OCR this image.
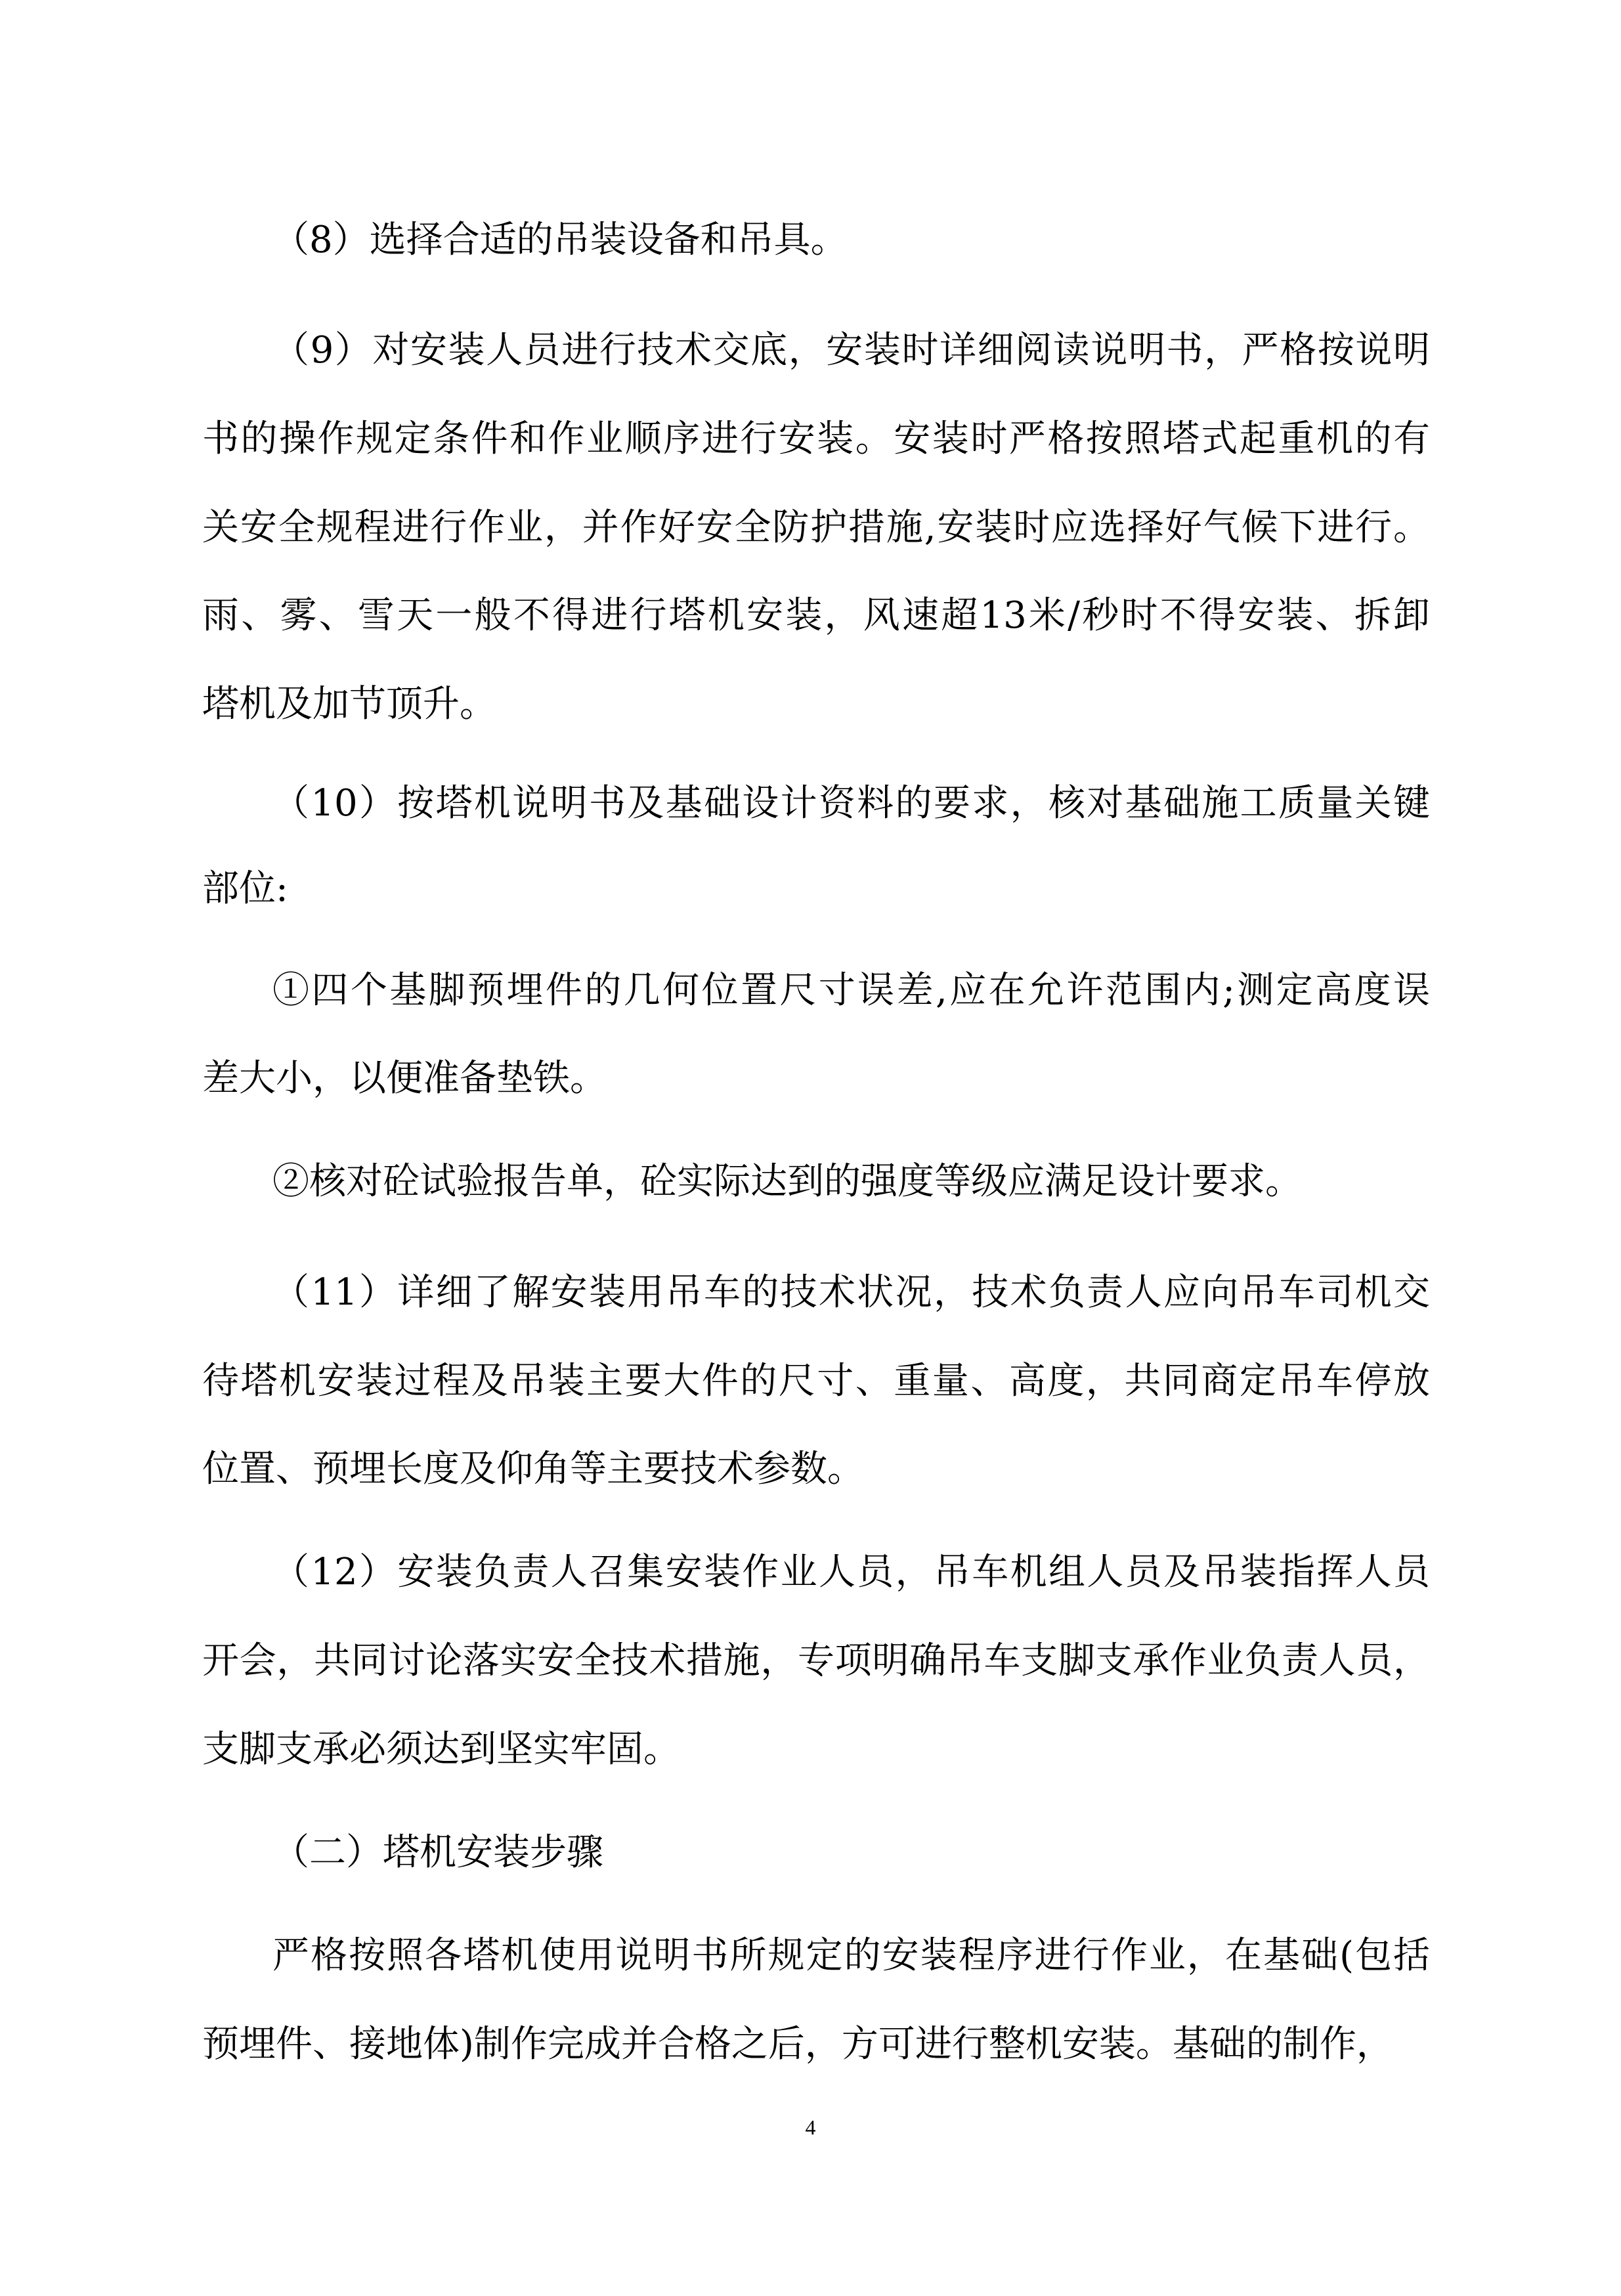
（8）选择合适的吊装设备和吊具。
（9）对安装人员进行技术交底，安装时详细阅读说明书，严格按说明
书的操作规定条件和作业顺序进行安装。安装时严格按照塔式起重机的有
关安全规程进行作业，并作好安全防护措施,安装时应选择好气候下进行。
雨、雾、雪天一般不得进行塔机安装，风速超13米/秒时不得安装、拆卸
塔机及加节顶升。
（10）按塔机说明书及基础设计资料的要求，核对基础施工质量关键
部位:
①四个基脚预埋件的几何位置尺寸误差,应在允许范围内;测定高度误
差大小，以便准备垫铁。
②核对砼试验报告单，砼实际达到的强度等级应满足设计要求。
（11）详细了解安装用吊车的技术状况，技术负责人应向吊车司机交
待塔机安装过程及吊装主要大件的尺寸、重量、高度，共同商定吊车停放
位置、预埋长度及仰角等主要技术参数。
（12）安装负责人召集安装作业人员，吊车机组人员及吊装指挥人员
开会，共同讨论落实安全技术措施，专项明确吊车支脚支承作业负责人员，
支脚支承必须达到坚实牢固。
（二）塔机安装步骤
严格按照各塔机使用说明书所规定的安装程序进行作业，在基础(包括
预埋件、接地体)制作完成并合格之后，方可进行整机安装。基础的制作，
4
